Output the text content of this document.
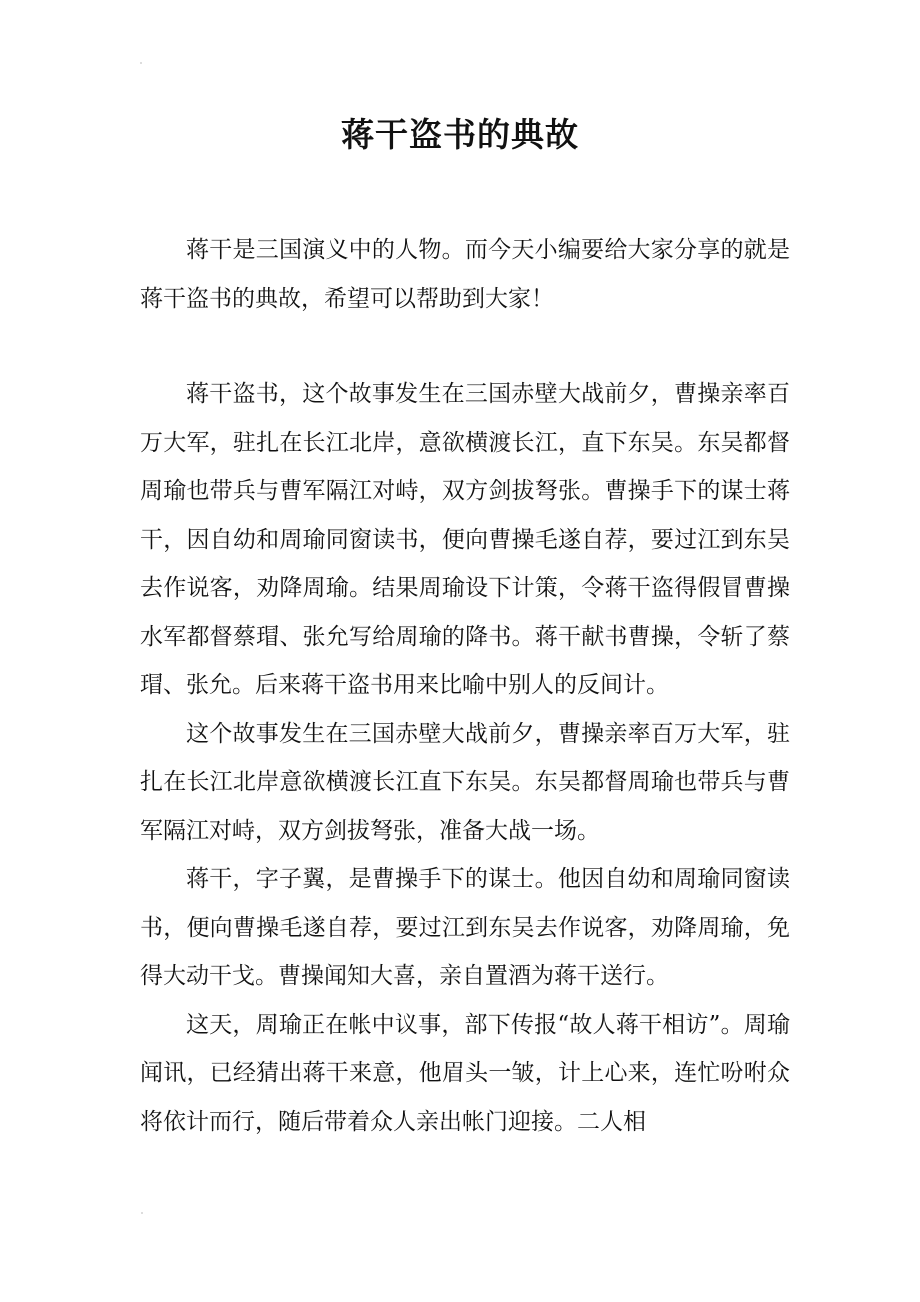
蒋干盗书的典故

蒋干是三国演义中的人物。而今天小编要给大家分享的就是蒋干盗书的典故，希望可以帮助到大家！

蒋干盗书，这个故事发生在三国赤壁大战前夕，曹操亲率百万大军，驻扎在长江北岸，意欲横渡长江，直下东吴。东吴都督周瑜也带兵与曹军隔江对峙，双方剑拔弩张。曹操手下的谋士蒋干，因自幼和周瑜同窗读书，便向曹操毛遂自荐，要过江到东吴去作说客，劝降周瑜。结果周瑜设下计策，令蒋干盗得假冒曹操水军都督蔡瑁、张允写给周瑜的降书。蒋干献书曹操，令斩了蔡瑁、张允。后来蒋干盗书用来比喻中别人的反间计。

这个故事发生在三国赤壁大战前夕，曹操亲率百万大军，驻扎在长江北岸意欲横渡长江直下东吴。东吴都督周瑜也带兵与曹军隔江对峙，双方剑拔弩张，准备大战一场。

蒋干，字子翼，是曹操手下的谋士。他因自幼和周瑜同窗读书，便向曹操毛遂自荐，要过江到东吴去作说客，劝降周瑜，免得大动干戈。曹操闻知大喜，亲自置酒为蒋干送行。

这天，周瑜正在帐中议事，部下传报“故人蒋干相访”。周瑜闻讯，已经猜出蒋干来意，他眉头一皱，计上心来，连忙吩咐众将依计而行，随后带着众人亲出帐门迎接。二人相
